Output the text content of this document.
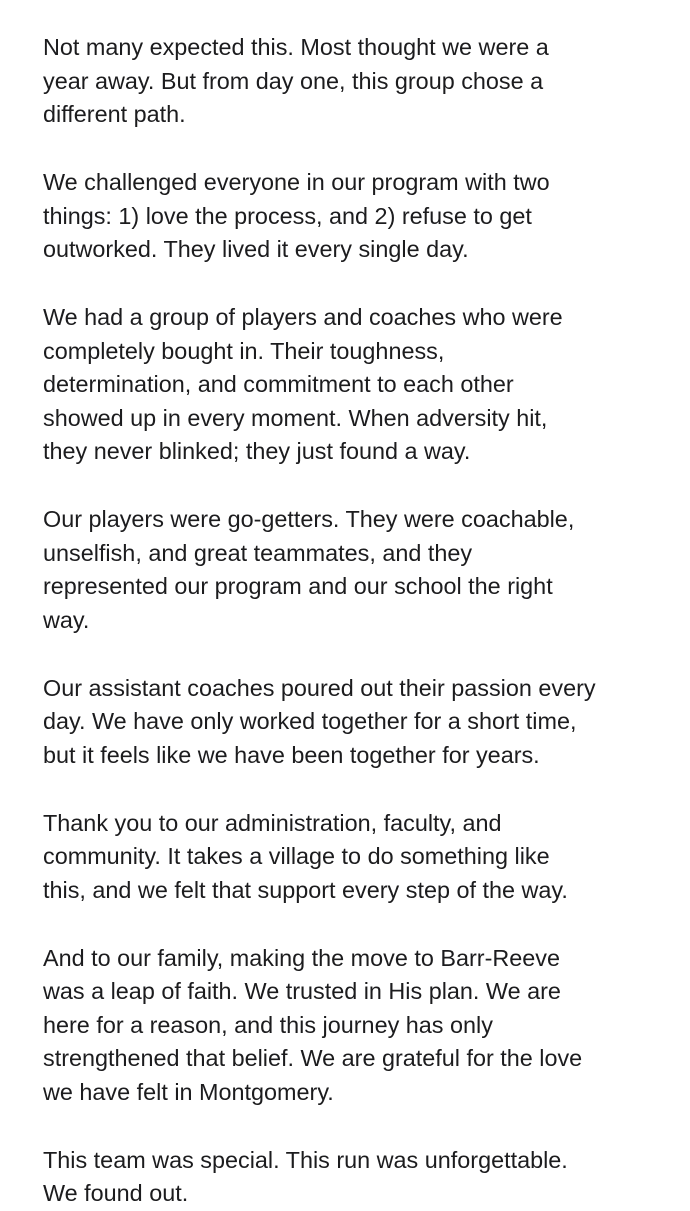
Not many expected this. Most thought we were a
year away. But from day one, this group chose a
different path.

We challenged everyone in our program with two
things: 1) love the process, and 2) refuse to get
outworked. They lived it every single day.

We had a group of players and coaches who were
completely bought in. Their toughness,
determination, and commitment to each other
showed up in every moment. When adversity hit,
they never blinked; they just found a way.

Our players were go-getters. They were coachable,
unselfish, and great teammates, and they
represented our program and our school the right
way.

Our assistant coaches poured out their passion every
day. We have only worked together for a short time,
but it feels like we have been together for years.

Thank you to our administration, faculty, and
community. It takes a village to do something like
this, and we felt that support every step of the way.

And to our family, making the move to Barr-Reeve
was a leap of faith. We trusted in His plan. We are
here for a reason, and this journey has only
strengthened that belief. We are grateful for the love
we have felt in Montgomery.

This team was special. This run was unforgettable.
We found out.
